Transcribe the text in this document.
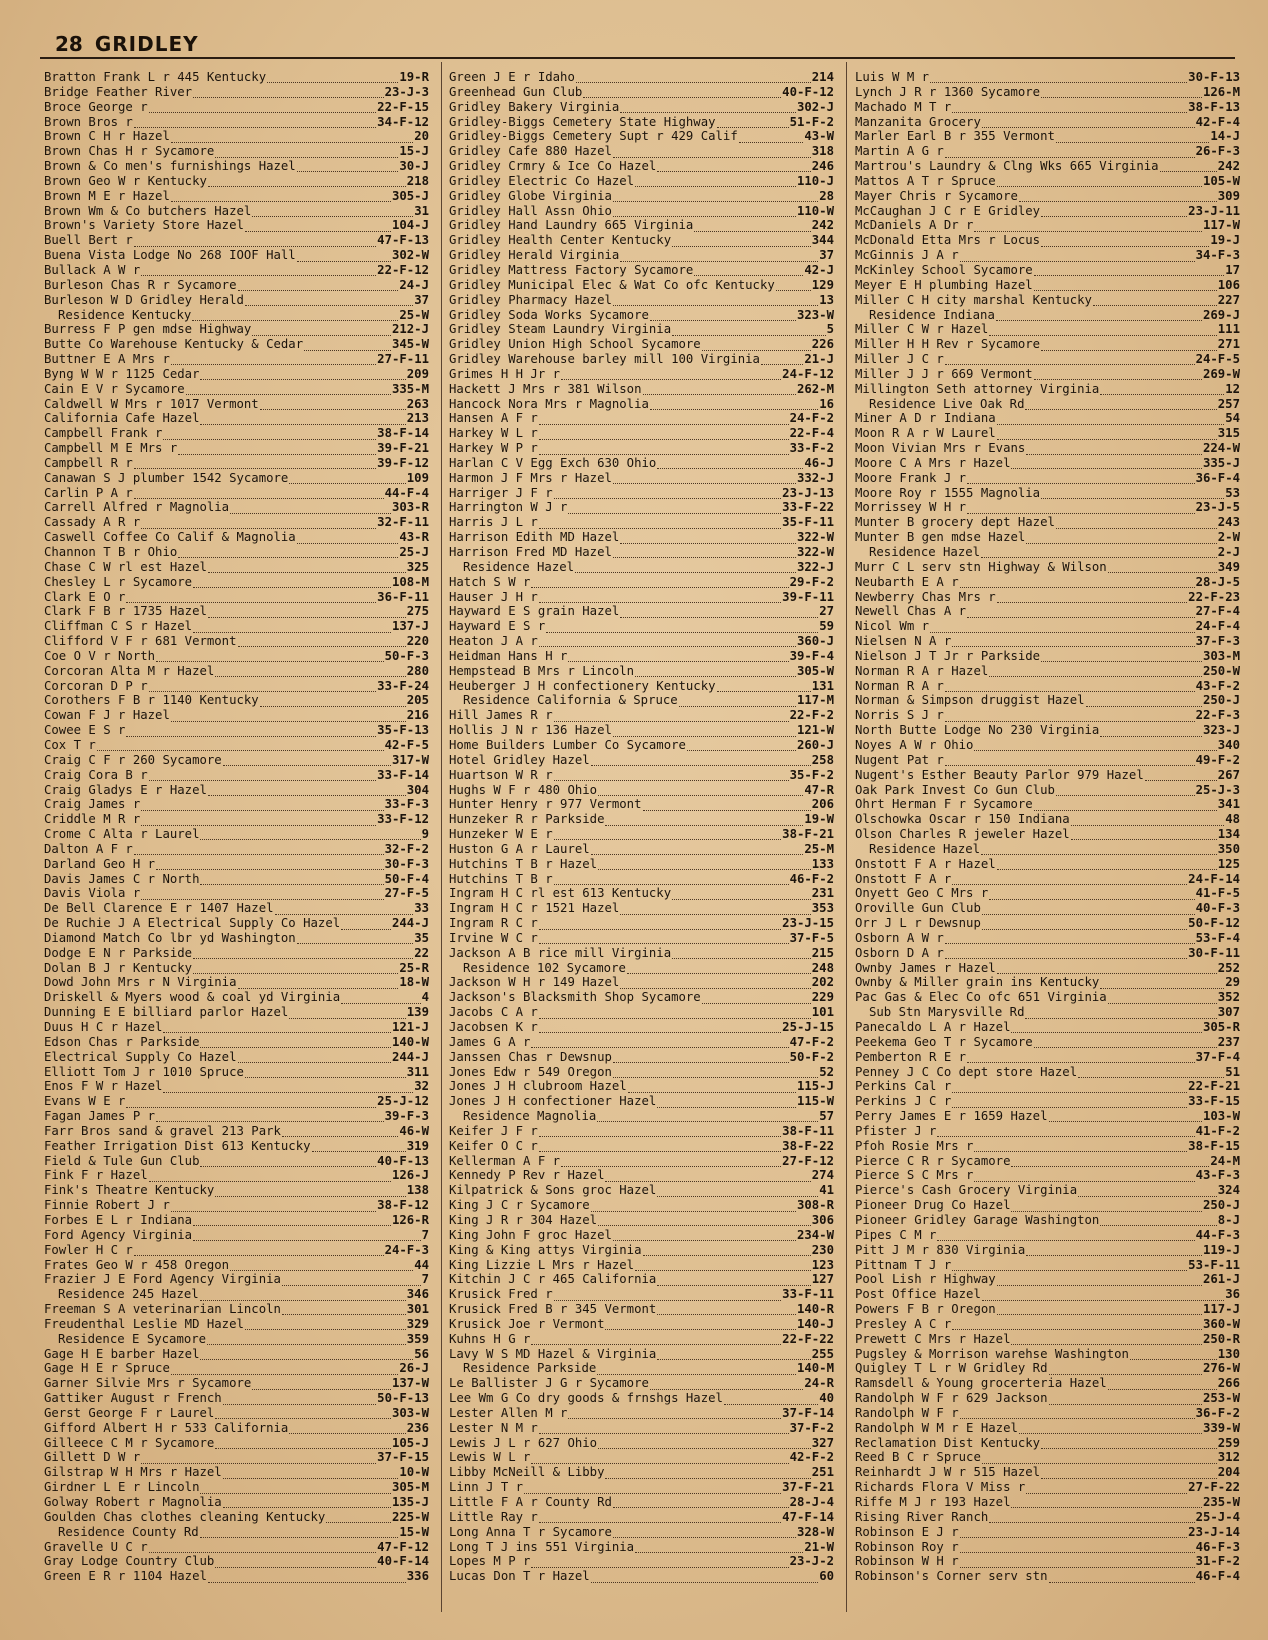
28 GRIDLEY
Bratton Frank L r 445 Kentucky	19-R
Bridge Feather River	23-J-3
Broce George r	22-F-15
Brown Bros r	34-F-12
Brown C H r Hazel	20
Brown Chas H r Sycamore	15-J
Brown & Co men's furnishings Hazel	30-J
Brown Geo W r Kentucky	218
Brown M E r Hazel	305-J
Brown Wm & Co butchers Hazel	31
Brown's Variety Store Hazel	104-J
Buell Bert r	47-F-13
Buena Vista Lodge No 268 IOOF Hall	302-W
Bullack A W r	22-F-12
Burleson Chas R r Sycamore	24-J
Burleson W D Gridley Herald	37
Residence Kentucky	25-W
Burress F P gen mdse Highway	212-J
Butte Co Warehouse Kentucky & Cedar	345-W
Buttner E A Mrs r	27-F-11
Byng W W r 1125 Cedar	209
Cain E V r Sycamore	335-M
Caldwell W Mrs r 1017 Vermont	263
California Cafe Hazel	213
Campbell Frank r	38-F-14
Campbell M E Mrs r	39-F-21
Campbell R r	39-F-12
Canawan S J plumber 1542 Sycamore	109
Carlin P A r	44-F-4
Carrell Alfred r Magnolia	303-R
Cassady A R r	32-F-11
Caswell Coffee Co Calif & Magnolia	43-R
Channon T B r Ohio	25-J
Chase C W rl est Hazel	325
Chesley L r Sycamore	108-M
Clark E O r	36-F-11
Clark F B r 1735 Hazel	275
Cliffman C S r Hazel	137-J
Clifford V F r 681 Vermont	220
Coe O V r North	50-F-3
Corcoran Alta M r Hazel	280
Corcoran D P r	33-F-24
Corothers F B r 1140 Kentucky	205
Cowan F J r Hazel	216
Cowee E S r	35-F-13
Cox T r	42-F-5
Craig C F r 260 Sycamore	317-W
Craig Cora B r	33-F-14
Craig Gladys E r Hazel	304
Craig James r	33-F-3
Criddle M R r	33-F-12
Crome C Alta r Laurel	9
Dalton A F r	32-F-2
Darland Geo H r	30-F-3
Davis James C r North	50-F-4
Davis Viola r	27-F-5
De Bell Clarence E r 1407 Hazel	33
De Ruchie J A Electrical Supply Co Hazel	244-J
Diamond Match Co lbr yd Washington	35
Dodge E N r Parkside	22
Dolan B J r Kentucky	25-R
Dowd John Mrs r N Virginia	18-W
Driskell & Myers wood & coal yd Virginia	4
Dunning E E billiard parlor Hazel	139
Duus H C r Hazel	121-J
Edson Chas r Parkside	140-W
Electrical Supply Co Hazel	244-J
Elliott Tom J r 1010 Spruce	311
Enos F W r Hazel	32
Evans W E r	25-J-12
Fagan James P r	39-F-3
Farr Bros sand & gravel 213 Park	46-W
Feather Irrigation Dist 613 Kentucky	319
Field & Tule Gun Club	40-F-13
Fink F r Hazel	126-J
Fink's Theatre Kentucky	138
Finnie Robert J r	38-F-12
Forbes E L r Indiana	126-R
Ford Agency Virginia	7
Fowler H C r	24-F-3
Frates Geo W r 458 Oregon	44
Frazier J E Ford Agency Virginia	7
Residence 245 Hazel	346
Freeman S A veterinarian Lincoln	301
Freudenthal Leslie MD Hazel	329
Residence E Sycamore	359
Gage H E barber Hazel	56
Gage H E r Spruce	26-J
Garner Silvie Mrs r Sycamore	137-W
Gattiker August r French	50-F-13
Gerst George F r Laurel	303-W
Gifford Albert H r 533 California	236
Gilleece C M r Sycamore	105-J
Gillett D W r	37-F-15
Gilstrap W H Mrs r Hazel	10-W
Girdner L E r Lincoln	305-M
Golway Robert r Magnolia	135-J
Goulden Chas clothes cleaning Kentucky	225-W
Residence County Rd	15-W
Gravelle U C r	47-F-12
Gray Lodge Country Club	40-F-14
Green E R r 1104 Hazel	336
Green J E r Idaho	214
Greenhead Gun Club	40-F-12
Gridley Bakery Virginia	302-J
Gridley-Biggs Cemetery State Highway	51-F-2
Gridley-Biggs Cemetery Supt r 429 Calif	43-W
Gridley Cafe 880 Hazel	318
Gridley Crmry & Ice Co Hazel	246
Gridley Electric Co Hazel	110-J
Gridley Globe Virginia	28
Gridley Hall Assn Ohio	110-W
Gridley Hand Laundry 665 Virginia	242
Gridley Health Center Kentucky	344
Gridley Herald Virginia	37
Gridley Mattress Factory Sycamore	42-J
Gridley Municipal Elec & Wat Co ofc Kentucky	129
Gridley Pharmacy Hazel	13
Gridley Soda Works Sycamore	323-W
Gridley Steam Laundry Virginia	5
Gridley Union High School Sycamore	226
Gridley Warehouse barley mill 100 Virginia	21-J
Grimes H H Jr r	24-F-12
Hackett J Mrs r 381 Wilson	262-M
Hancock Nora Mrs r Magnolia	16
Hansen A F r	24-F-2
Harkey W L r	22-F-4
Harkey W P r	33-F-2
Harlan C V Egg Exch 630 Ohio	46-J
Harmon J F Mrs r Hazel	332-J
Harriger J F r	23-J-13
Harrington W J r	33-F-22
Harris J L r	35-F-11
Harrison Edith MD Hazel	322-W
Harrison Fred MD Hazel	322-W
Residence Hazel	322-J
Hatch S W r	29-F-2
Hauser J H r	39-F-11
Hayward E S grain Hazel	27
Hayward E S r	59
Heaton J A r	360-J
Heidman Hans H r	39-F-4
Hempstead B Mrs r Lincoln	305-W
Heuberger J H confectionery Kentucky	131
Residence California & Spruce	117-M
Hill James R r	22-F-2
Hollis J N r 136 Hazel	121-W
Home Builders Lumber Co Sycamore	260-J
Hotel Gridley Hazel	258
Huartson W R r	35-F-2
Hughs W F r 480 Ohio	47-R
Hunter Henry r 977 Vermont	206
Hunzeker R r Parkside	19-W
Hunzeker W E r	38-F-21
Huston G A r Laurel	25-M
Hutchins T B r Hazel	133
Hutchins T B r	46-F-2
Ingram H C rl est 613 Kentucky	231
Ingram H C r 1521 Hazel	353
Ingram R C r	23-J-15
Irvine W C r	37-F-5
Jackson A B rice mill Virginia	215
Residence 102 Sycamore	248
Jackson W H r 149 Hazel	202
Jackson's Blacksmith Shop Sycamore	229
Jacobs C A r	101
Jacobsen K r	25-J-15
James G A r	47-F-2
Janssen Chas r Dewsnup	50-F-2
Jones Edw r 549 Oregon	52
Jones J H clubroom Hazel	115-J
Jones J H confectioner Hazel	115-W
Residence Magnolia	57
Keifer J F r	38-F-11
Keifer O C r	38-F-22
Kellerman A F r	27-F-12
Kennedy P Rev r Hazel	274
Kilpatrick & Sons groc Hazel	41
King J C r Sycamore	308-R
King J R r 304 Hazel	306
King John F groc Hazel	234-W
King & King attys Virginia	230
King Lizzie L Mrs r Hazel	123
Kitchin J C r 465 California	127
Krusick Fred r	33-F-11
Krusick Fred B r 345 Vermont	140-R
Krusick Joe r Vermont	140-J
Kuhns H G r	22-F-22
Lavy W S MD Hazel & Virginia	255
Residence Parkside	140-M
Le Ballister J G r Sycamore	24-R
Lee Wm G Co dry goods & frnshgs Hazel	40
Lester Allen M r	37-F-14
Lester N M r	37-F-2
Lewis J L r 627 Ohio	327
Lewis W L r	42-F-2
Libby McNeill & Libby	251
Linn J T r	37-F-21
Little F A r County Rd	28-J-4
Little Ray r	47-F-14
Long Anna T r Sycamore	328-W
Long T J ins 551 Virginia	21-W
Lopes M P r	23-J-2
Lucas Don T r Hazel	60
Luis W M r	30-F-13
Lynch J R r 1360 Sycamore	126-M
Machado M T r	38-F-13
Manzanita Grocery	42-F-4
Marler Earl B r 355 Vermont	14-J
Martin A G r	26-F-3
Martrou's Laundry & Clng Wks 665 Virginia	242
Mattos A T r Spruce	105-W
Mayer Chris r Sycamore	309
McCaughan J C r E Gridley	23-J-11
McDaniels A Dr r	117-W
McDonald Etta Mrs r Locus	19-J
McGinnis J A r	34-F-3
McKinley School Sycamore	17
Meyer E H plumbing Hazel	106
Miller C H city marshal Kentucky	227
Residence Indiana	269-J
Miller C W r Hazel	111
Miller H H Rev r Sycamore	271
Miller J C r	24-F-5
Miller J J r 669 Vermont	269-W
Millington Seth attorney Virginia	12
Residence Live Oak Rd	257
Miner A D r Indiana	54
Moon R A r W Laurel	315
Moon Vivian Mrs r Evans	224-W
Moore C A Mrs r Hazel	335-J
Moore Frank J r	36-F-4
Moore Roy r 1555 Magnolia	53
Morrissey W H r	23-J-5
Munter B grocery dept Hazel	243
Munter B gen mdse Hazel	2-W
Residence Hazel	2-J
Murr C L serv stn Highway & Wilson	349
Neubarth E A r	28-J-5
Newberry Chas Mrs r	22-F-23
Newell Chas A r	27-F-4
Nicol Wm r	24-F-4
Nielsen N A r	37-F-3
Nielson J T Jr r Parkside	303-M
Norman R A r Hazel	250-W
Norman R A r	43-F-2
Norman & Simpson druggist Hazel	250-J
Norris S J r	22-F-3
North Butte Lodge No 230 Virginia	323-J
Noyes A W r Ohio	340
Nugent Pat r	49-F-2
Nugent's Esther Beauty Parlor 979 Hazel	267
Oak Park Invest Co Gun Club	25-J-3
Ohrt Herman F r Sycamore	341
Olschowka Oscar r 150 Indiana	48
Olson Charles R jeweler Hazel	134
Residence Hazel	350
Onstott F A r Hazel	125
Onstott F A r	24-F-14
Onyett Geo C Mrs r	41-F-5
Oroville Gun Club	40-F-3
Orr J L r Dewsnup	50-F-12
Osborn A W r	53-F-4
Osborn D A r	30-F-11
Ownby James r Hazel	252
Ownby & Miller grain ins Kentucky	29
Pac Gas & Elec Co ofc 651 Virginia	352
Sub Stn Marysville Rd	307
Panecaldo L A r Hazel	305-R
Peekema Geo T r Sycamore	237
Pemberton R E r	37-F-4
Penney J C Co dept store Hazel	51
Perkins Cal r	22-F-21
Perkins J C r	33-F-15
Perry James E r 1659 Hazel	103-W
Pfister J r	41-F-2
Pfoh Rosie Mrs r	38-F-15
Pierce C R r Sycamore	24-M
Pierce S C Mrs r	43-F-3
Pierce's Cash Grocery Virginia	324
Pioneer Drug Co Hazel	250-J
Pioneer Gridley Garage Washington	8-J
Pipes C M r	44-F-3
Pitt J M r 830 Virginia	119-J
Pittnam T J r	53-F-11
Pool Lish r Highway	261-J
Post Office Hazel	36
Powers F B r Oregon	117-J
Presley A C r	360-W
Prewett C Mrs r Hazel	250-R
Pugsley & Morrison warehse Washington	130
Quigley T L r W Gridley Rd	276-W
Ramsdell & Young grocerteria Hazel	266
Randolph W F r 629 Jackson	253-W
Randolph W F r	36-F-2
Randolph W M r E Hazel	339-W
Reclamation Dist Kentucky	259
Reed B C r Spruce	312
Reinhardt J W r 515 Hazel	204
Richards Flora V Miss r	27-F-22
Riffe M J r 193 Hazel	235-W
Rising River Ranch	25-J-4
Robinson E J r	23-J-14
Robinson Roy r	46-F-3
Robinson W H r	31-F-2
Robinson's Corner serv stn	46-F-4
